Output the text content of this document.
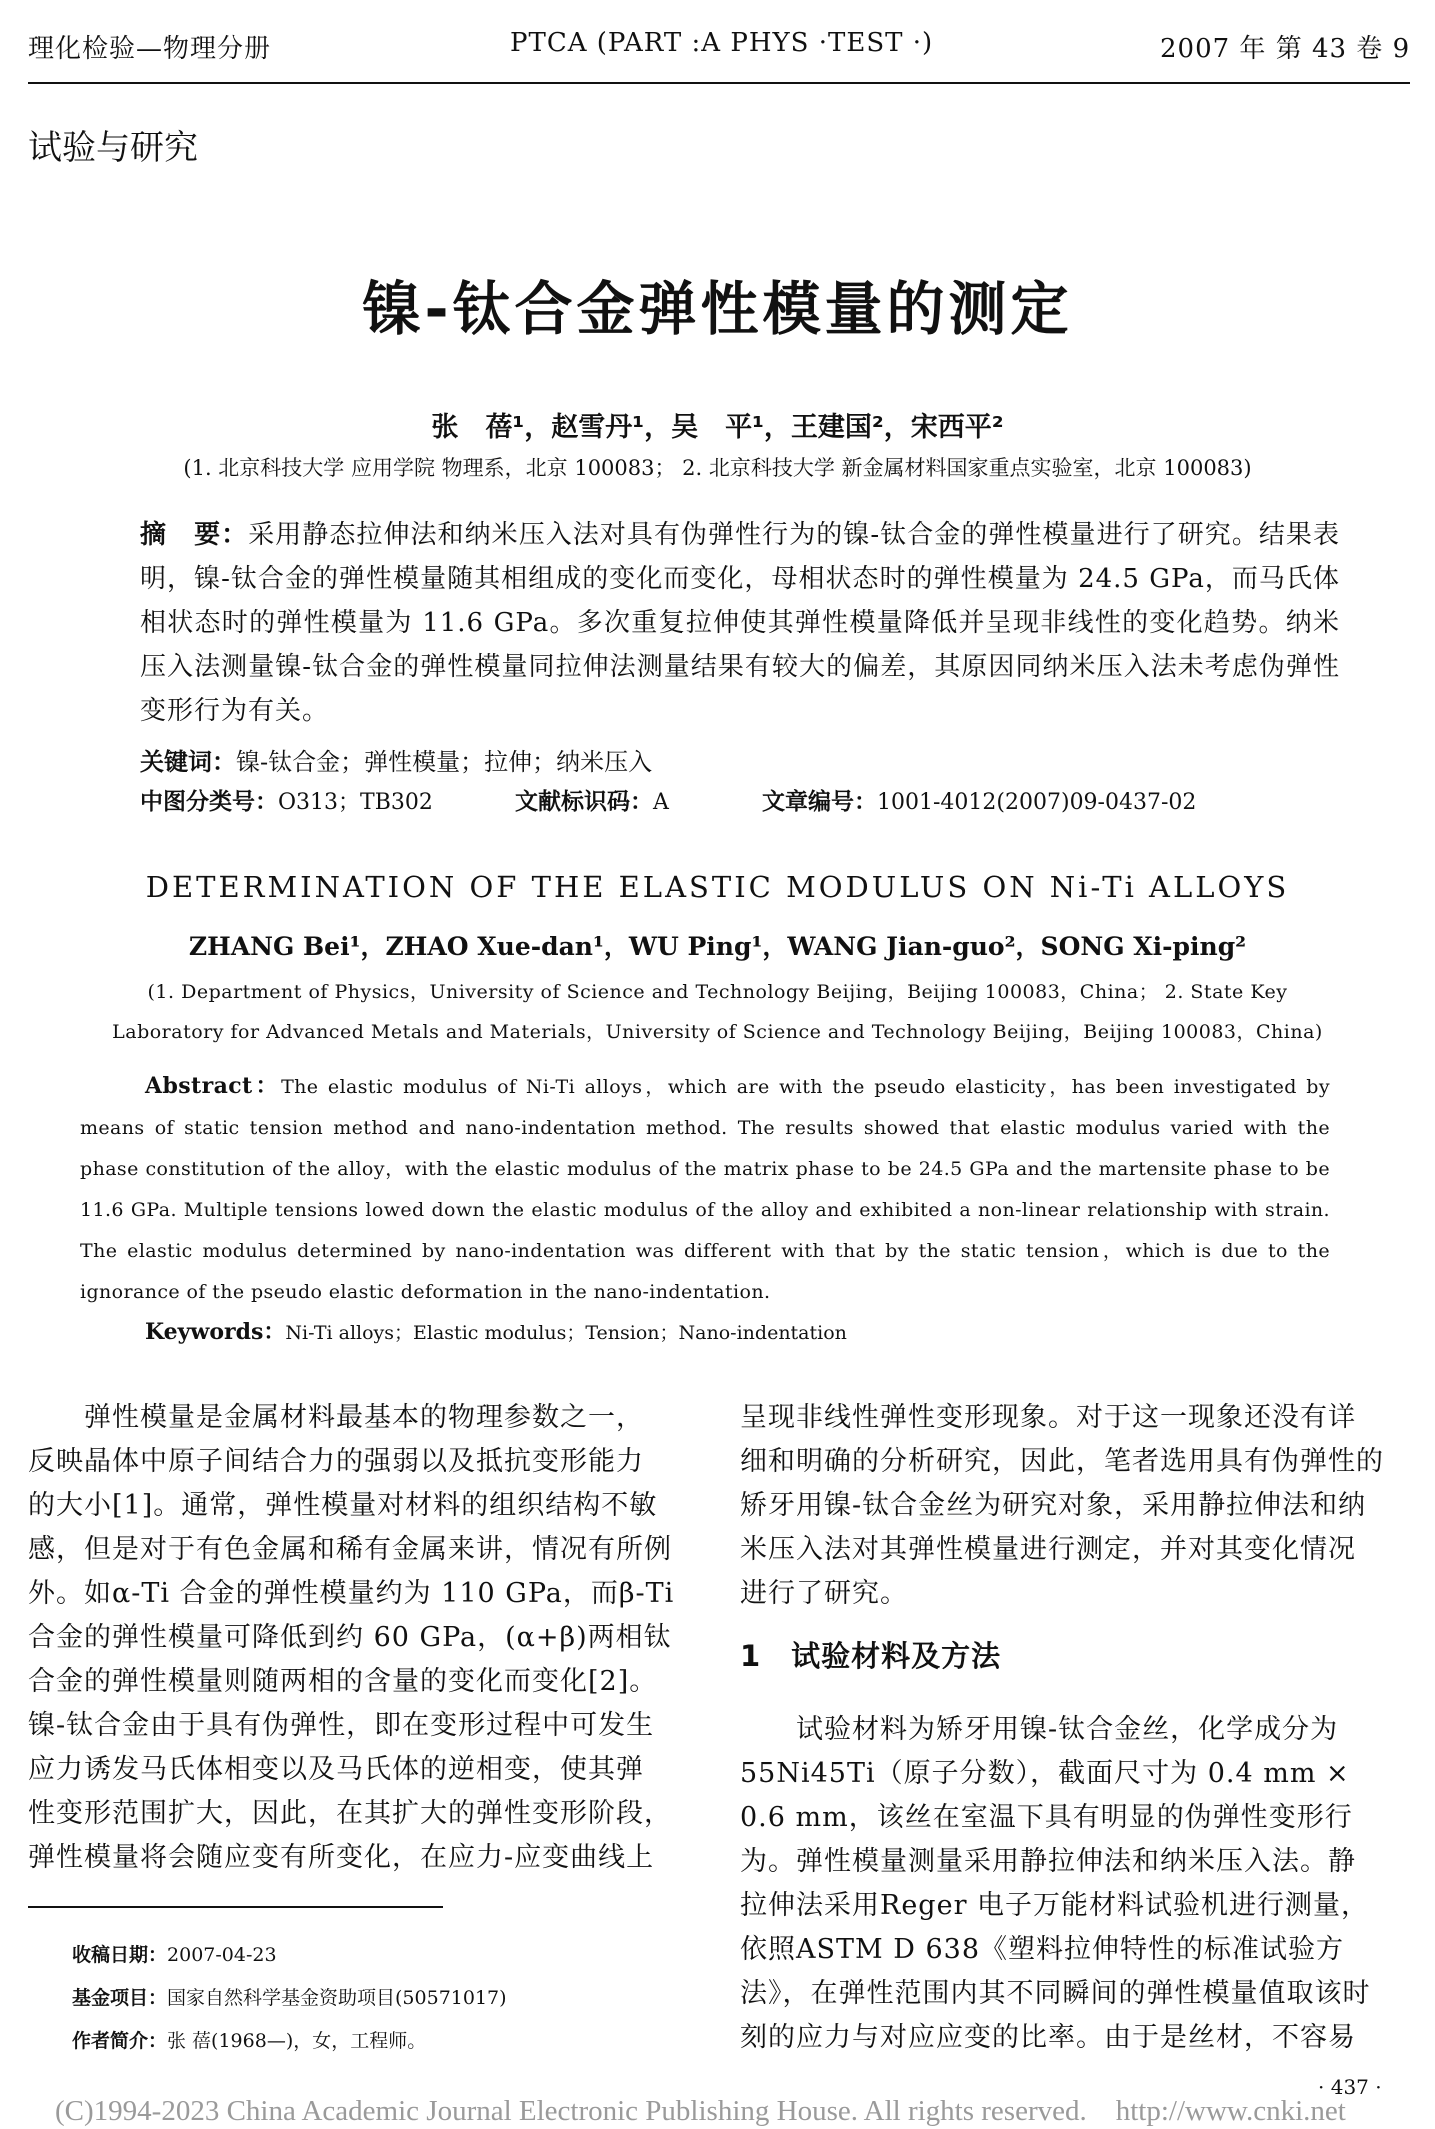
理化检验—物理分册	PTCA (PART :A PHYS ·TEST ·)	2007 年 第 43 卷 9
试验与研究
镍-钛合金弹性模量的测定
张　蓓¹，赵雪丹¹，吴　平¹，王建国²，宋西平²
(1. 北京科技大学 应用学院 物理系，北京 100083； 2. 北京科技大学 新金属材料国家重点实验室，北京 100083)
摘　要：采用静态拉伸法和纳米压入法对具有伪弹性行为的镍-钛合金的弹性模量进行了研究。结果表明，镍-钛合金的弹性模量随其相组成的变化而变化，母相状态时的弹性模量为 24.5 GPa，而马氏体相状态时的弹性模量为 11.6 GPa。多次重复拉伸使其弹性模量降低并呈现非线性的变化趋势。纳米压入法测量镍-钛合金的弹性模量同拉伸法测量结果有较大的偏差，其原因同纳米压入法未考虑伪弹性变形行为有关。
关键词：镍-钛合金；弹性模量；拉伸；纳米压入
中图分类号：O313；TB302	文献标识码：A	文章编号：1001-4012(2007)09-0437-02
DETERMINATION OF THE ELASTIC MODULUS ON Ni-Ti ALLOYS
ZHANG Bei¹，ZHAO Xue-dan¹，WU Ping¹，WANG Jian-guo²，SONG Xi-ping²
(1. Department of Physics，University of Science and Technology Beijing，Beijing 100083，China； 2. State Key
Laboratory for Advanced Metals and Materials，University of Science and Technology Beijing，Beijing 100083，China)
Abstract：The elastic modulus of Ni-Ti alloys，which are with the pseudo elasticity，has been investigated by means of static tension method and nano-indentation method. The results showed that elastic modulus varied with the phase constitution of the alloy，with the elastic modulus of the matrix phase to be 24.5 GPa and the martensite phase to be 11.6 GPa. Multiple tensions lowed down the elastic modulus of the alloy and exhibited a non-linear relationship with strain. The elastic modulus determined by nano-indentation was different with that by the static tension，which is due to the ignorance of the pseudo elastic deformation in the nano-indentation.
Keywords：Ni-Ti alloys；Elastic modulus；Tension；Nano-indentation
　　弹性模量是金属材料最基本的物理参数之一，
反映晶体中原子间结合力的强弱以及抵抗变形能力
的大小[1]。通常，弹性模量对材料的组织结构不敏
感，但是对于有色金属和稀有金属来讲，情况有所例
外。如α-Ti 合金的弹性模量约为 110 GPa，而β-Ti
合金的弹性模量可降低到约 60 GPa，(α+β)两相钛
合金的弹性模量则随两相的含量的变化而变化[2]。
镍-钛合金由于具有伪弹性，即在变形过程中可发生
应力诱发马氏体相变以及马氏体的逆相变，使其弹
性变形范围扩大，因此，在其扩大的弹性变形阶段，
弹性模量将会随应变有所变化，在应力-应变曲线上
呈现非线性弹性变形现象。对于这一现象还没有详
细和明确的分析研究，因此，笔者选用具有伪弹性的
矫牙用镍-钛合金丝为研究对象，采用静拉伸法和纳
米压入法对其弹性模量进行测定，并对其变化情况
进行了研究。
1　试验材料及方法
　　试验材料为矫牙用镍-钛合金丝，化学成分为
55Ni45Ti（原子分数），截面尺寸为 0.4 mm ×
0.6 mm，该丝在室温下具有明显的伪弹性变形行
为。弹性模量测量采用静拉伸法和纳米压入法。静
拉伸法采用Reger 电子万能材料试验机进行测量，
依照ASTM D 638《塑料拉伸特性的标准试验方
法》，在弹性范围内其不同瞬间的弹性模量值取该时
刻的应力与对应应变的比率。由于是丝材，不容易
收稿日期：2007-04-23
基金项目：国家自然科学基金资助项目(50571017)
作者简介：张 蓓(1968—)，女，工程师。
· 437 ·
(C)1994-2023 China Academic Journal Electronic Publishing House. All rights reserved.　http://www.cnki.net
